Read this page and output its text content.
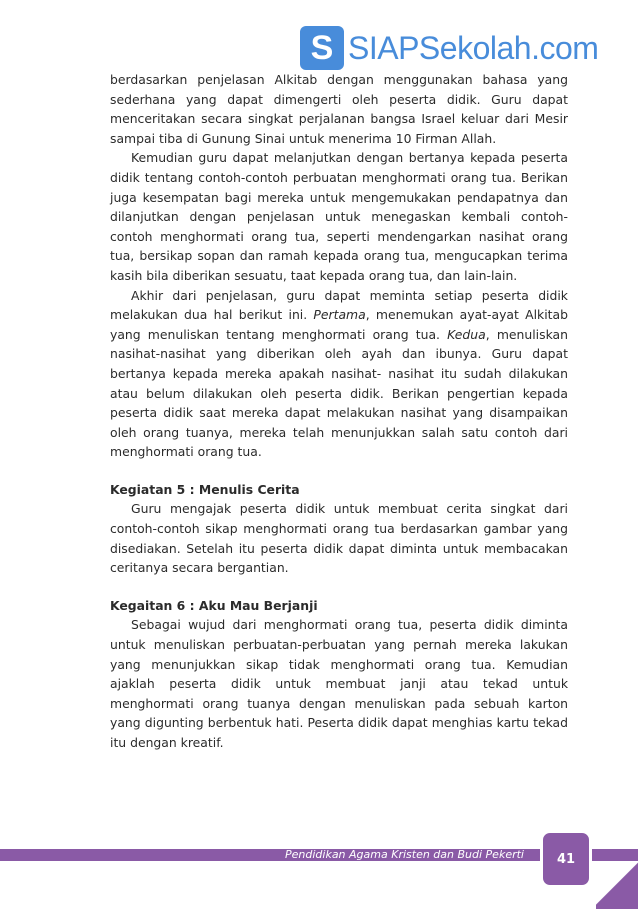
S SIAPSekolah.com

berdasarkan penjelasan Alkitab dengan menggunakan bahasa yang sederhana yang dapat dimengerti oleh peserta didik. Guru dapat menceritakan secara singkat perjalanan bangsa Israel keluar dari Mesir sampai tiba di Gunung Sinai untuk menerima 10 Firman Allah.

Kemudian guru dapat melanjutkan dengan bertanya kepada peserta didik tentang contoh-contoh perbuatan menghormati orang tua. Berikan juga kesempatan bagi mereka untuk mengemukakan pendapatnya dan dilanjutkan dengan penjelasan untuk menegaskan kembali contoh-contoh menghormati orang tua, seperti mendengarkan nasihat orang tua, bersikap sopan dan ramah kepada orang tua, mengucapkan terima kasih bila diberikan sesuatu, taat kepada orang tua, dan lain-lain.

Akhir dari penjelasan, guru dapat meminta setiap peserta didik melakukan dua hal berikut ini. Pertama, menemukan ayat-ayat Alkitab yang menuliskan tentang menghormati orang tua. Kedua, menuliskan nasihat-nasihat yang diberikan oleh ayah dan ibunya. Guru dapat bertanya kepada mereka apakah nasihat- nasihat itu sudah dilakukan atau belum dilakukan oleh peserta didik. Berikan pengertian kepada peserta didik saat mereka dapat melakukan nasihat yang disampaikan oleh orang tuanya, mereka telah menunjukkan salah satu contoh dari menghormati orang tua.

Kegiatan 5 : Menulis Cerita

Guru mengajak peserta didik untuk membuat cerita singkat dari contoh-contoh sikap menghormati orang tua berdasarkan gambar yang disediakan. Setelah itu peserta didik dapat diminta untuk membacakan ceritanya secara bergantian.

Kegaitan 6 : Aku Mau Berjanji

Sebagai wujud dari menghormati orang tua, peserta didik diminta untuk menuliskan perbuatan-perbuatan yang pernah mereka lakukan yang menunjukkan sikap tidak menghormati orang tua. Kemudian ajaklah peserta didik untuk membuat janji atau tekad untuk menghormati orang tuanya dengan menuliskan pada sebuah karton yang digunting berbentuk hati. Peserta didik dapat menghias kartu tekad itu dengan kreatif.

Pendidikan Agama Kristen dan Budi Pekerti	41
